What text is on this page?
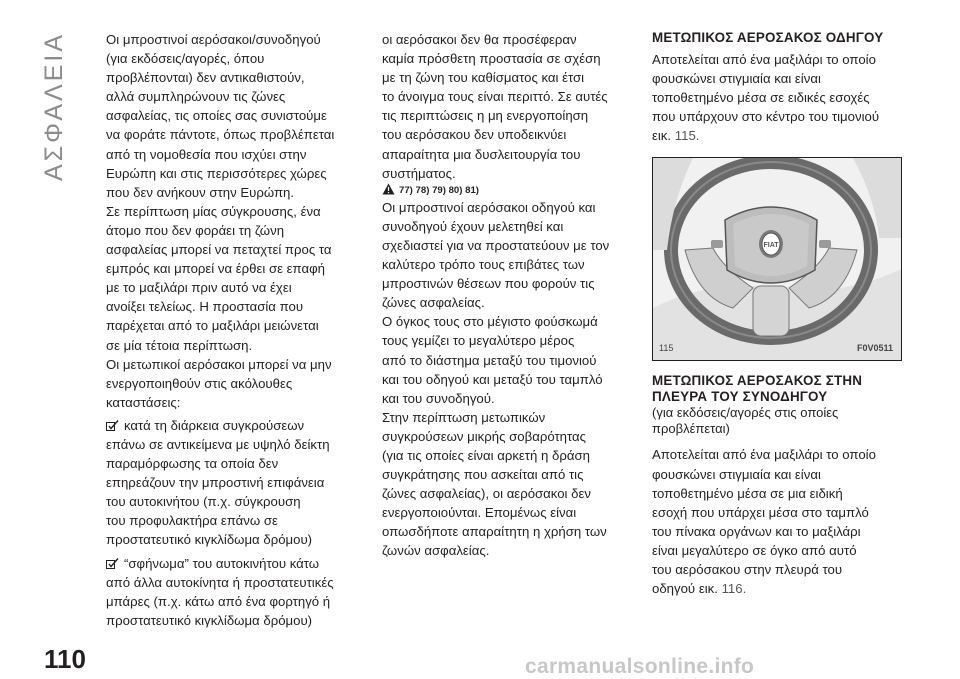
ΑΣΦΑΛΕΙΑ	Οι μπροστινοί αερόσακοι/συνοδηγού

(για εκδόσεις/αγορές, όπου

προβλέπονται) δεν αντικαθιστούν,

αλλά συμπληρώνουν τις ζώνες

ασφαλείας, τις οποίες σας συνιστούμε

να φοράτε πάντοτε, όπως προβλέπεται

από τη νομοθεσία που ισχύει στην

Ευρώπη και στις περισσότερες χώρες

που δεν ανήκουν στην Ευρώπη.

Σε περίπτωση μίας σύγκρουσης, ένα

άτομο που δεν φοράει τη ζώνη

ασφαλείας μπορεί να πεταχτεί προς τα

εμπρός και μπορεί να έρθει σε επαφή

με το μαξιλάρι πριν αυτό να έχει

ανοίξει τελείως. Η προστασία που

παρέχεται από το μαξιλάρι μειώνεται

σε μία τέτοια περίπτωση.

Οι μετωπικοί αερόσακοι μπορεί να μην

ενεργοποιηθούν στις ακόλουθες

καταστάσεις:

κατά τη διάρκεια συγκρούσεων

επάνω σε αντικείμενα με υψηλό δείκτη

παραμόρφωσης τα οποία δεν

επηρεάζουν την μπροστινή επιφάνεια

του αυτοκινήτου (π.χ. σύγκρουση

του προφυλακτήρα επάνω σε

προστατευτικό κιγκλίδωμα δρόμου)

“σφήνωμα” του αυτοκινήτου κάτω

από άλλα αυτοκίνητα ή προστατευτικές

μπάρες (π.χ. κάτω από ένα φορτηγό ή

προστατευτικό κιγκλίδωμα δρόμου)

οι αερόσακοι δεν θα προσέφεραν

καμία πρόσθετη προστασία σε σχέση

με τη ζώνη του καθίσματος και έτσι

το άνοιγμα τους είναι περιττό. Σε αυτές

τις περιπτώσεις η μη ενεργοποίηση

του αερόσακου δεν υποδεικνύει

απαραίτητα μια δυσλειτουργία του

συστήματος.

77) 78) 79) 80) 81)

Οι μπροστινοί αερόσακοι οδηγού και

συνοδηγού έχουν μελετηθεί και

σχεδιαστεί για να προστατεύουν με τον

καλύτερο τρόπο τους επιβάτες των

μπροστινών θέσεων που φορούν τις

ζώνες ασφαλείας.

Ο όγκος τους στο μέγιστο φούσκωμά

τους γεμίζει το μεγαλύτερο μέρος

από το διάστημα μεταξύ του τιμονιού

και του οδηγού και μεταξύ του ταμπλό

και του συνοδηγού.

Στην περίπτωση μετωπικών

συγκρούσεων μικρής σοβαρότητας

(για τις οποίες είναι αρκετή η δράση

συγκράτησης που ασκείται από τις

ζώνες ασφαλείας), οι αερόσακοι δεν

ενεργοποιούνται. Επομένως είναι

οπωσδήποτε απαραίτητη η χρήση των

ζωνών ασφαλείας.

ΜΕΤΩΠΙΚΟΣ ΑΕΡΟΣΑΚΟΣ ΟΔΗΓΟΥ

Αποτελείται από ένα μαξιλάρι το οποίο

φουσκώνει στιγμιαία και είναι

τοποθετημένο μέσα σε ειδικές εσοχές

που υπάρχουν στο κέντρο του τιμονιού

εικ. 115.

FIAT
115	F0V0511

ΜΕΤΩΠΙΚΟΣ ΑΕΡΟΣΑΚΟΣ ΣΤΗΝ

ΠΛΕΥΡΑ ΤΟΥ ΣΥΝΟΔΗΓΟΥ

(για εκδόσεις/αγορές στις οποίες

προβλέπεται)

Αποτελείται από ένα μαξιλάρι το οποίο

φουσκώνει στιγμιαία και είναι

τοποθετημένο μέσα σε μια ειδική

εσοχή που υπάρχει μέσα στο ταμπλό

του πίνακα οργάνων και το μαξιλάρι

είναι μεγαλύτερο σε όγκο από αυτό

του αερόσακου στην πλευρά του

οδηγού εικ. 116.

110	carmanualsonline.info
